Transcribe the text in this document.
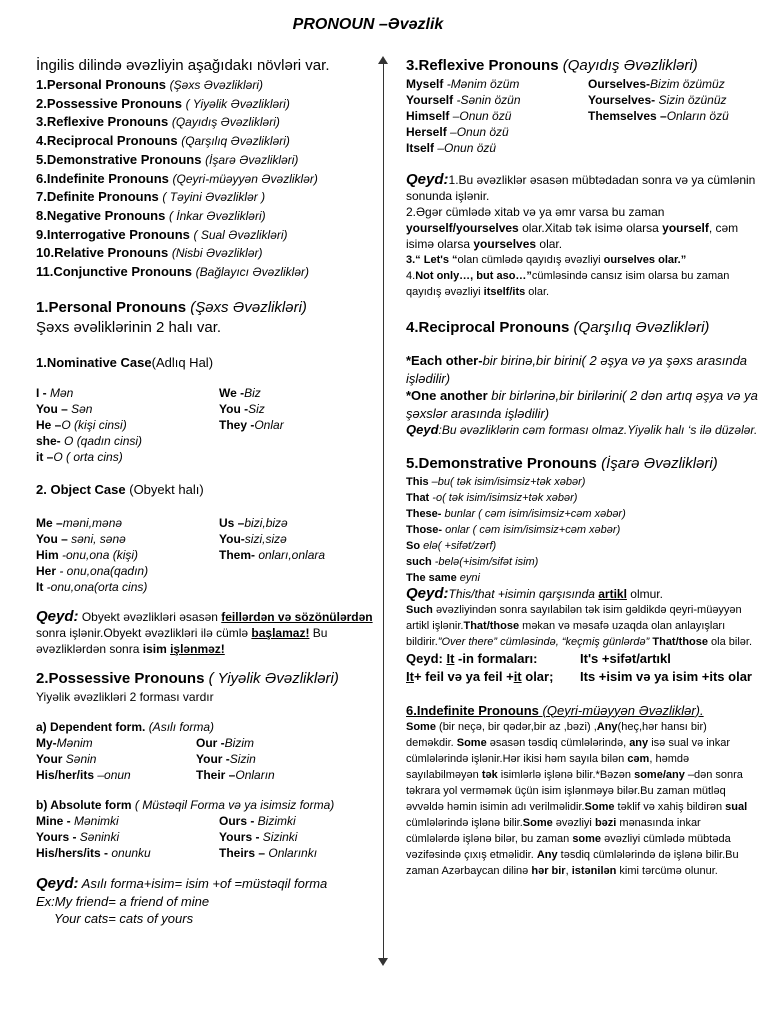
PRONOUN –Əvəzlik

İngilis dilində əvəzliyin aşağıdakı növləri var.

1.Personal Pronouns (Şəxs Əvəzlikləri)

2.Possessive Pronouns ( Yiyəlik Əvəzlikləri)

3.Reflexive Pronouns (Qayıdış Əvəzlikləri)

4.Reciprocal Pronouns (Qarşılıq Əvəzlikləri)

5.Demonstrative Pronouns (İşarə Əvəzlikləri)

6.Indefinite Pronouns (Qeyri-müəyyən Əvəzliklər)

7.Definite Pronouns ( Təyini Əvəzliklər )

8.Negative Pronouns ( İnkar Əvəzlikləri)

9.Interrogative Pronouns ( Sual Əvəzlikləri)

10.Relative Pronouns (Nisbi Əvəzliklər)

11.Conjunctive Pronouns (Bağlayıcı Əvəzliklər)

1.Personal Pronouns (Şəxs Əvəzlikləri)

Şəxs əvəliklərinin 2 halı var.

1.Nominative Case(Adlıq Hal)

I - Mən	We -Biz
You – Sən	You -Siz
He –O (kişi cinsi)	They -Onlar
she- O (qadın cinsi)
it –O ( orta cins)

2. Object Case (Obyekt halı)

Me –məni,mənə	Us –bizi,bizə
You – səni, sənə	You-sizi,sizə
Him -onu,ona (kişi)	Them- onları,onlara
Her - onu,ona(qadın)
It -onu,ona(orta cins)

Qeyd: Obyekt əvəzlikləri əsasən feillərdən və sözönülərdən sonra işlənir.Obyekt əvəzlikləri ilə cümlə başlamaz! Bu əvəzliklərdən sonra isim işlənməz!

2.Possessive Pronouns ( Yiyəlik Əvəzlikləri)

Yiyəlik əvəzlikləri 2 forması vardır

a) Dependent form. (Asılı forma)

My-Mənim	Our -Bizim
Your Sənin	Your -Sizin
His/her/its –onun	Their –Onların

b) Absolute form ( Müstəqil Forma və ya isimsiz forma)

Mine - Mənimki	Ours - Bizimki
Yours - Səninki	Yours - Sizinki
His/hers/its - onunku	Theirs – Onlarınkı

Qeyd: Asılı forma+isim= isim +of =müstəqil forma

Ex:My friend= a friend of mine

Your cats= cats of yours

3.Reflexive Pronouns (Qayıdış Əvəzlikləri)

Myself -Mənim özüm	Ourselves-Bizim özümüz
Yourself -Sənin özün	Yourselves- Sizin özünüz
Himself –Onun özü	Themselves –Onların özü
Herself –Onun özü
Itself –Onun özü

Qeyd:1.Bu əvəzliklər əsasən mübtədadan sonra və ya cümlənin sonunda işlənir.

2.Əgər cümlədə xitab və ya əmr varsa bu zaman yourself/yourselves olar.Xitab tək isimə olarsa yourself, cəm isimə olarsa yourselves olar.

3.“ Let's “olan cümlədə qayıdış əvəzliyi ourselves olar.”

4.Not only…, but aso…”cümləsində cansız isim olarsa bu zaman qayıdış əvəzliyi itself/its olar.

4.Reciprocal Pronouns (Qarşılıq Əvəzlikləri)

*Each other-bir birinə,bir birini( 2 əşya və ya şəxs arasında işlədilir)

*One another bir birlərinə,bir birilərini( 2 dən artıq əşya və ya şəxslər arasında işlədilir)

Qeyd:Bu əvəzliklərin cəm forması olmaz.Yiyəlik halı ‘s ilə düzələr.

5.Demonstrative Pronouns (İşarə Əvəzlikləri)

This –bu( tək isim/isimsiz+tək xəbər)

That -o( tək isim/isimsiz+tək xəbər)

These- bunlar ( cəm isim/isimsiz+cəm xəbər)

Those- onlar ( cəm isim/isimsiz+cəm xəbər)

So elə( +sifət/zərf)

such -belə(+isim/sifət isim)

The same eyni

Qeyd:This/that +isimin qarşısında artikl olmur.

Such əvəzliyindən sonra sayılabilən tək isim gəldikdə qeyri-müəyyən artikl işlənir.That/those məkan və məsafə uzaqda olan anlayışları bildirir.”Over there” cümləsində, “keçmiş günlərdə” That/those ola bilər.

Qeyd: It -in formaları:	It's +sifət/artıkl
It+ feil və ya feil +it olar;	Its +isim və ya isim +its olar

6.Indefinite Pronouns (Qeyri-müəyyən Əvəzliklər).

Some (bir neçə, bir qədər,bir az ,bəzi) ,Any(heç,hər hansı bir) deməkdir. Some əsasən təsdiq cümlələrində, any isə sual və inkar cümlələrində işlənir.Hər ikisi həm sayıla bilən cəm, həmdə sayılabilməyən tək isimlərlə işlənə bilir.*Bəzən some/any –dən sonra təkrara yol verməmək üçün isim işlənməyə bilər.Bu zaman mütləq əvvəldə həmin isimin adı verilməlidir.Some təklif və xahiş bildirən sual cümlələrində işlənə bilir.Some əvəzliyi bəzi mənasında inkar cümlələrdə işlənə bilər, bu zaman some əvəzliyi cümlədə mübtəda vəzifəsində çıxış etməlidir. Any təsdiq cümlələrində də işlənə bilir.Bu zaman Azərbaycan dilinə hər bir, istənilən kimi tərcümə olunur.
